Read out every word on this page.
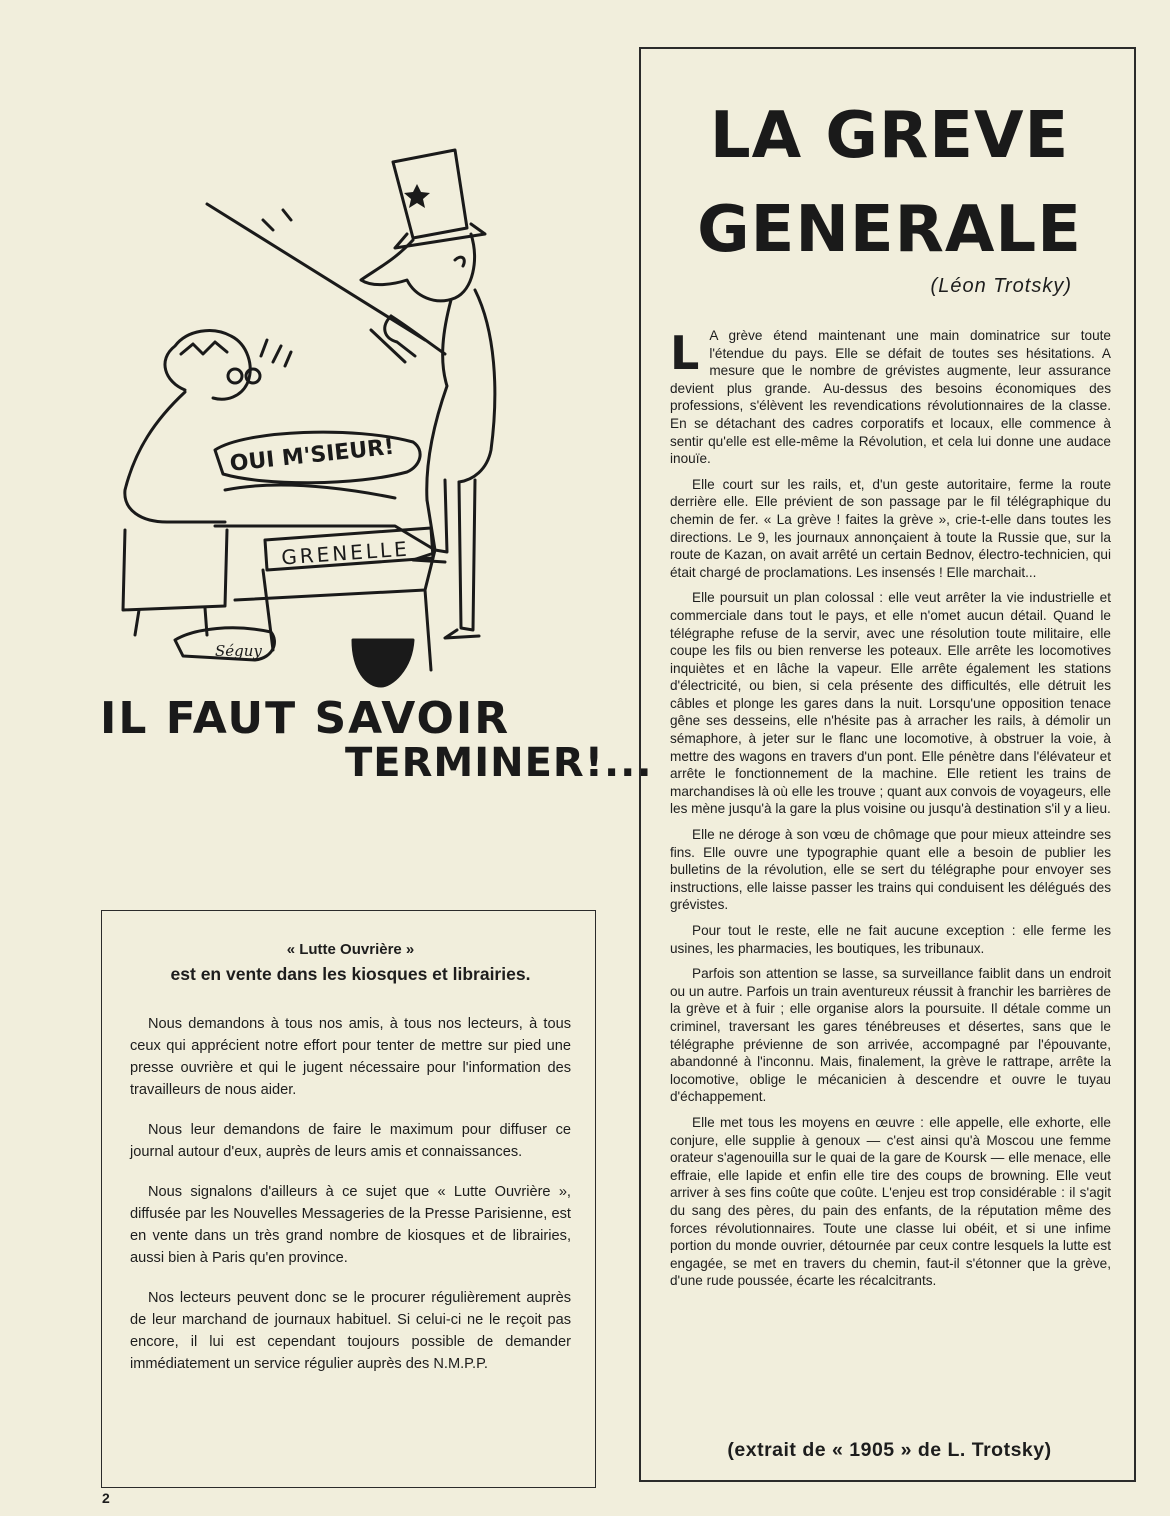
OUI M'SIEUR!
GRENELLE
Séguy
IL FAUT SAVOIR
TERMINER!...
« Lutte Ouvrière »
est en vente dans les kiosques et librairies.

Nous demandons à tous nos amis, à tous nos lecteurs, à tous ceux qui apprécient notre effort pour tenter de mettre sur pied une presse ouvrière et qui le jugent nécessaire pour l'information des travailleurs de nous aider.

Nous leur demandons de faire le maximum pour diffuser ce journal autour d'eux, auprès de leurs amis et connaissances.

Nous signalons d'ailleurs à ce sujet que « Lutte Ouvrière », diffusée par les Nouvelles Messageries de la Presse Parisienne, est en vente dans un très grand nombre de kiosques et de librairies, aussi bien à Paris qu'en province.

Nos lecteurs peuvent donc se le procurer régulièrement auprès de leur marchand de journaux habituel. Si celui-ci ne le reçoit pas encore, il lui est cependant toujours possible de demander immédiatement un service régulier auprès des N.M.P.P.

LA GREVE
GENERALE
(Léon Trotsky)

L A grève étend maintenant une main dominatrice sur toute l'étendue du pays. Elle se défait de toutes ses hésitations. A mesure que le nombre de grévistes augmente, leur assurance devient plus grande. Au-dessus des besoins économiques des professions, s'élèvent les revendications révolutionnaires de la classe. En se détachant des cadres corporatifs et locaux, elle commence à sentir qu'elle est elle-même la Révolution, et cela lui donne une audace inouïe.

Elle court sur les rails, et, d'un geste autoritaire, ferme la route derrière elle. Elle prévient de son passage par le fil télégraphique du chemin de fer. « La grève ! faites la grève », crie-t-elle dans toutes les directions. Le 9, les journaux annonçaient à toute la Russie que, sur la route de Kazan, on avait arrêté un certain Bednov, électro-technicien, qui était chargé de proclamations. Les insensés ! Elle marchait...

Elle poursuit un plan colossal : elle veut arrêter la vie industrielle et commerciale dans tout le pays, et elle n'omet aucun détail. Quand le télégraphe refuse de la servir, avec une résolution toute militaire, elle coupe les fils ou bien renverse les poteaux. Elle arrête les locomotives inquiètes et en lâche la vapeur. Elle arrête également les stations d'électricité, ou bien, si cela présente des difficultés, elle détruit les câbles et plonge les gares dans la nuit. Lorsqu'une opposition tenace gêne ses desseins, elle n'hésite pas à arracher les rails, à démolir un sémaphore, à jeter sur le flanc une locomotive, à obstruer la voie, à mettre des wagons en travers d'un pont. Elle pénètre dans l'élévateur et arrête le fonctionnement de la machine. Elle retient les trains de marchandises là où elle les trouve ; quant aux convois de voyageurs, elle les mène jusqu'à la gare la plus voisine ou jusqu'à destination s'il y a lieu.

Elle ne déroge à son vœu de chômage que pour mieux atteindre ses fins. Elle ouvre une typographie quant elle a besoin de publier les bulletins de la révolution, elle se sert du télégraphe pour envoyer ses instructions, elle laisse passer les trains qui conduisent les délégués des grévistes.

Pour tout le reste, elle ne fait aucune exception : elle ferme les usines, les pharmacies, les boutiques, les tribunaux.

Parfois son attention se lasse, sa surveillance faiblit dans un endroit ou un autre. Parfois un train aventureux réussit à franchir les barrières de la grève et à fuir ; elle organise alors la poursuite. Il détale comme un criminel, traversant les gares ténébreuses et désertes, sans que le télégraphe prévienne de son arrivée, accompagné par l'épouvante, abandonné à l'inconnu. Mais, finalement, la grève le rattrape, arrête la locomotive, oblige le mécanicien à descendre et ouvre le tuyau d'échappement.

Elle met tous les moyens en œuvre : elle appelle, elle exhorte, elle conjure, elle supplie à genoux — c'est ainsi qu'à Moscou une femme orateur s'agenouilla sur le quai de la gare de Koursk — elle menace, elle effraie, elle lapide et enfin elle tire des coups de browning. Elle veut arriver à ses fins coûte que coûte. L'enjeu est trop considérable : il s'agit du sang des pères, du pain des enfants, de la réputation même des forces révolutionnaires. Toute une classe lui obéit, et si une infime portion du monde ouvrier, détournée par ceux contre lesquels la lutte est engagée, se met en travers du chemin, faut-il s'étonner que la grève, d'une rude poussée, écarte les récalcitrants.

(extrait de « 1905 » de L. Trotsky)
2
